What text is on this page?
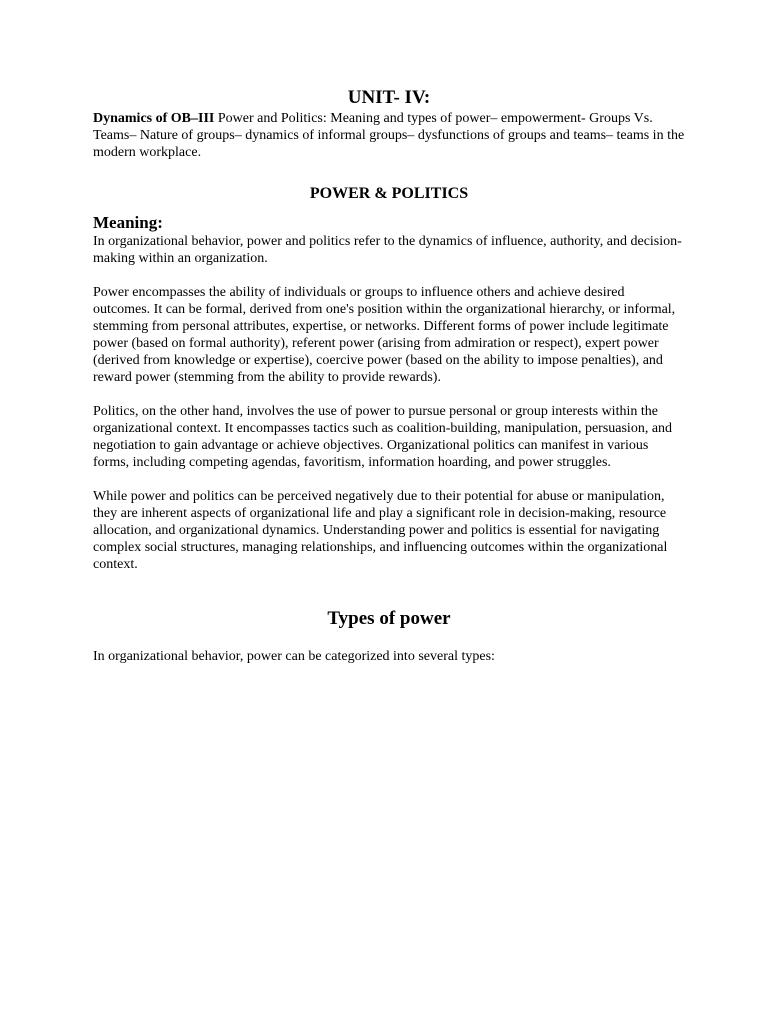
UNIT- IV:

Dynamics of OB–III Power and Politics: Meaning and types of power– empowerment- Groups Vs. Teams– Nature of groups– dynamics of informal groups– dysfunctions of groups and teams– teams in the modern workplace.

POWER & POLITICS
Meaning:

In organizational behavior, power and politics refer to the dynamics of influence, authority, and decision-making within an organization.

Power encompasses the ability of individuals or groups to influence others and achieve desired outcomes. It can be formal, derived from one's position within the organizational hierarchy, or informal, stemming from personal attributes, expertise, or networks. Different forms of power include legitimate power (based on formal authority), referent power (arising from admiration or respect), expert power (derived from knowledge or expertise), coercive power (based on the ability to impose penalties), and reward power (stemming from the ability to provide rewards).

Politics, on the other hand, involves the use of power to pursue personal or group interests within the organizational context. It encompasses tactics such as coalition-building, manipulation, persuasion, and negotiation to gain advantage or achieve objectives. Organizational politics can manifest in various forms, including competing agendas, favoritism, information hoarding, and power struggles.

While power and politics can be perceived negatively due to their potential for abuse or manipulation, they are inherent aspects of organizational life and play a significant role in decision-making, resource allocation, and organizational dynamics. Understanding power and politics is essential for navigating complex social structures, managing relationships, and influencing outcomes within the organizational context.

Types of power

In organizational behavior, power can be categorized into several types:
